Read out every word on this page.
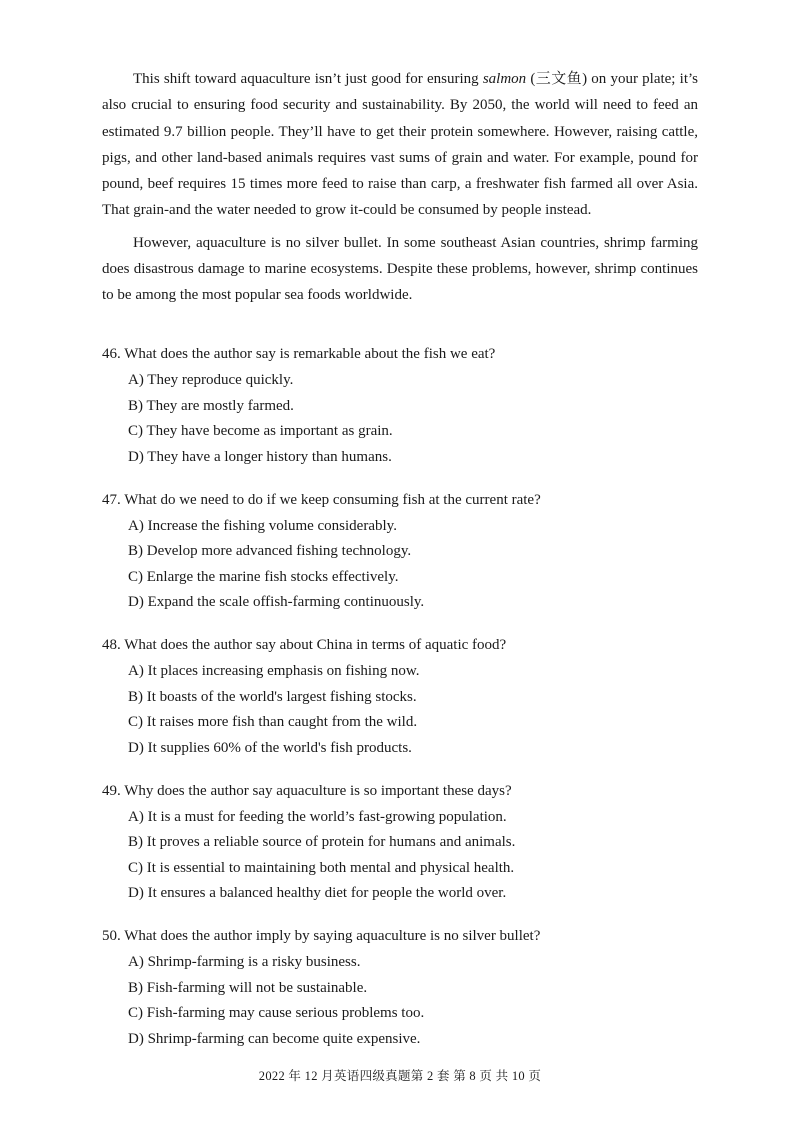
This shift toward aquaculture isn’t just good for ensuring salmon (三文鱼) on your plate; it’s also crucial to ensuring food security and sustainability. By 2050, the world will need to feed an estimated 9.7 billion people. They’ll have to get their protein somewhere. However, raising cattle, pigs, and other land-based animals requires vast sums of grain and water. For example, pound for pound, beef requires 15 times more feed to raise than carp, a freshwater fish farmed all over Asia. That grain-and the water needed to grow it-could be consumed by people instead.

However, aquaculture is no silver bullet. In some southeast Asian countries, shrimp farming does disastrous damage to marine ecosystems. Despite these problems, however, shrimp continues to be among the most popular sea foods worldwide.

46. What does the author say is remarkable about the fish we eat?
A) They reproduce quickly.
B) They are mostly farmed.
C) They have become as important as grain.
D) They have a longer history than humans.
47. What do we need to do if we keep consuming fish at the current rate?
A) Increase the fishing volume considerably.
B) Develop more advanced fishing technology.
C) Enlarge the marine fish stocks effectively.
D) Expand the scale offish-farming continuously.
48. What does the author say about China in terms of aquatic food?
A) It places increasing emphasis on fishing now.
B) It boasts of the world's largest fishing stocks.
C) It raises more fish than caught from the wild.
D) It supplies 60% of the world's fish products.
49. Why does the author say aquaculture is so important these days?
A) It is a must for feeding the world’s fast-growing population.
B) It proves a reliable source of protein for humans and animals.
C) It is essential to maintaining both mental and physical health.
D) It ensures a balanced healthy diet for people the world over.
50. What does the author imply by saying aquaculture is no silver bullet?
A) Shrimp-farming is a risky business.
B) Fish-farming will not be sustainable.
C) Fish-farming may cause serious problems too.
D) Shrimp-farming can become quite expensive.
2022 年 12 月英语四级真题第 2 套 第 8 页 共 10 页
